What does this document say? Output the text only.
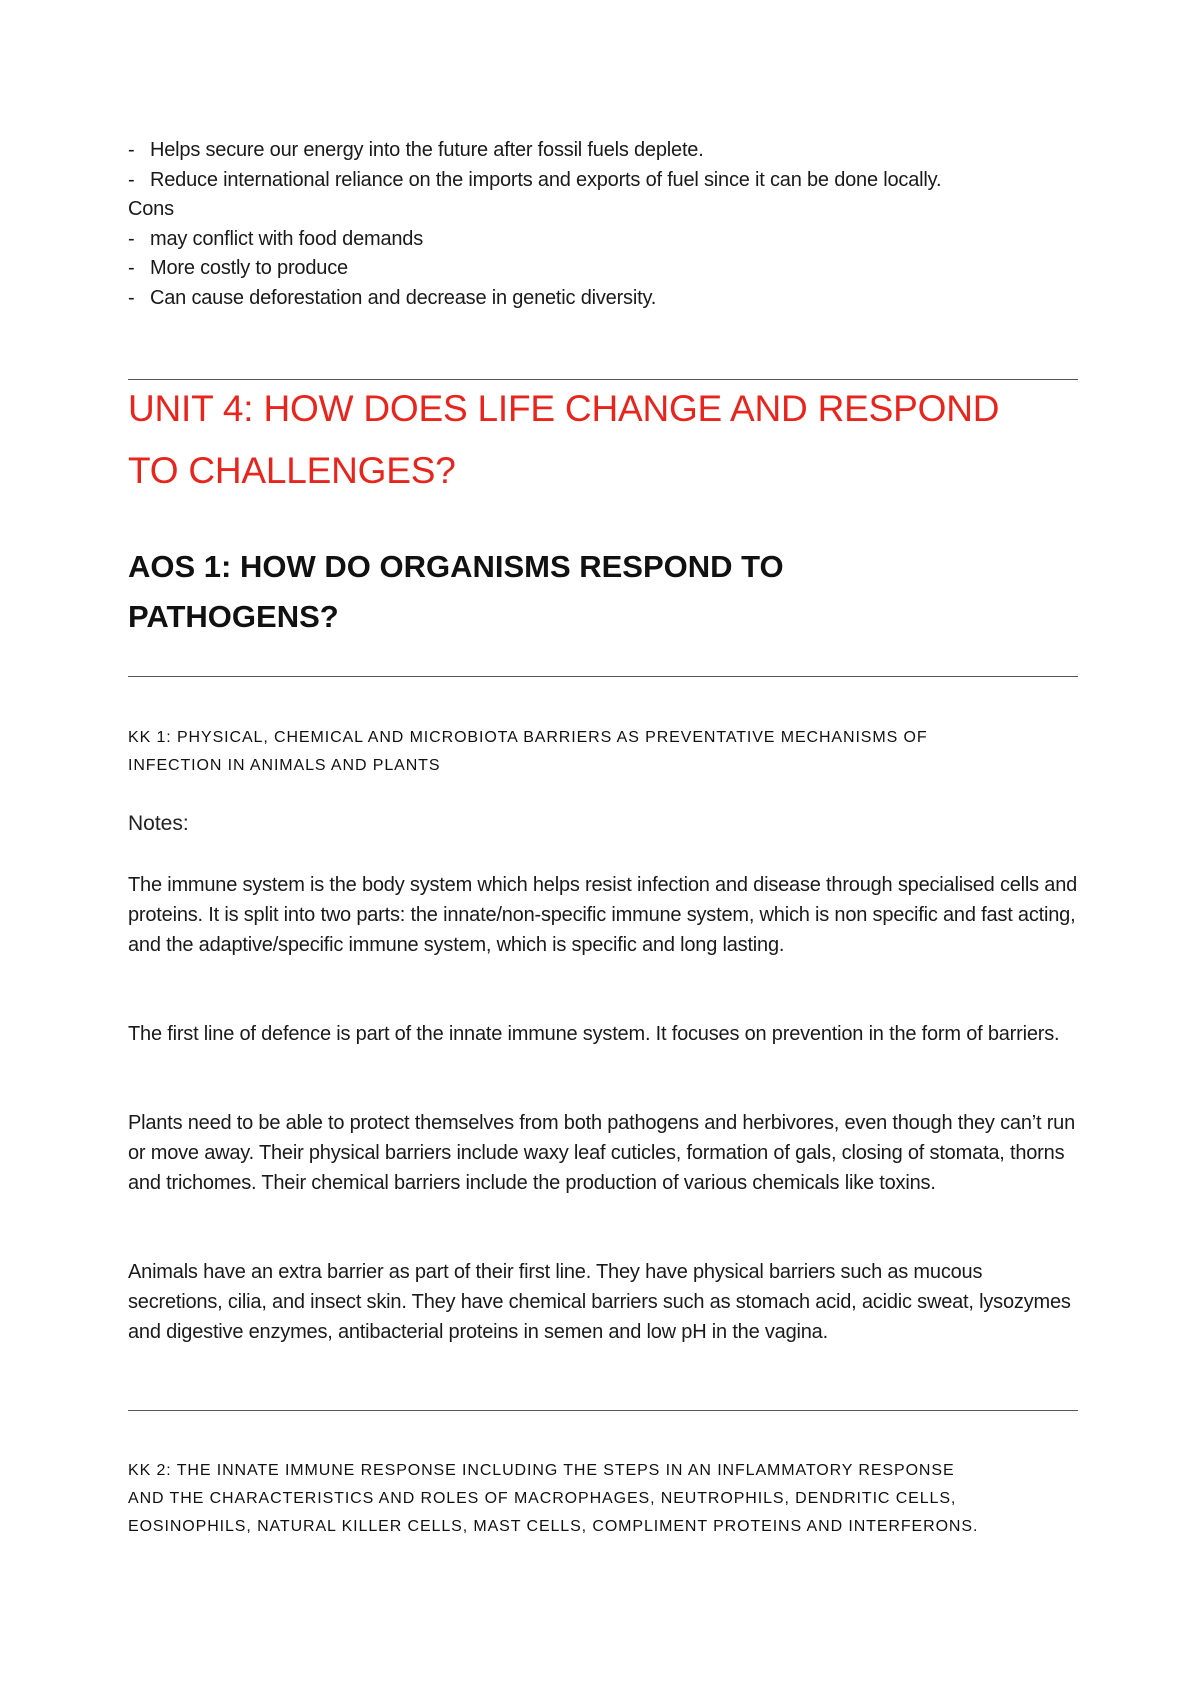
- Helps secure our energy into the future after fossil fuels deplete.
- Reduce international reliance on the imports and exports of fuel since it can be done locally.
Cons
- may conflict with food demands
- More costly to produce
- Can cause deforestation and decrease in genetic diversity.
UNIT 4: HOW DOES LIFE CHANGE AND RESPOND
TO CHALLENGES?
AOS 1: HOW DO ORGANISMS RESPOND TO
PATHOGENS?
KK 1: PHYSICAL, CHEMICAL AND MICROBIOTA BARRIERS AS PREVENTATIVE MECHANISMS OF
INFECTION IN ANIMALS AND PLANTS

Notes:

The immune system is the body system which helps resist infection and disease through specialised cells and proteins. It is split into two parts: the innate/non-specific immune system, which is non specific and fast acting, and the adaptive/specific immune system, which is specific and long lasting.

The first line of defence is part of the innate immune system. It focuses on prevention in the form of barriers.

Plants need to be able to protect themselves from both pathogens and herbivores, even though they can’t run or move away. Their physical barriers include waxy leaf cuticles, formation of gals, closing of stomata, thorns and trichomes. Their chemical barriers include the production of various chemicals like toxins.

Animals have an extra barrier as part of their first line. They have physical barriers such as mucous secretions, cilia, and insect skin. They have chemical barriers such as stomach acid, acidic sweat, lysozymes and digestive enzymes, antibacterial proteins in semen and low pH in the vagina.

KK 2: THE INNATE IMMUNE RESPONSE INCLUDING THE STEPS IN AN INFLAMMATORY RESPONSE
AND THE CHARACTERISTICS AND ROLES OF MACROPHAGES, NEUTROPHILS, DENDRITIC CELLS,
EOSINOPHILS, NATURAL KILLER CELLS, MAST CELLS, COMPLIMENT PROTEINS AND INTERFERONS.
